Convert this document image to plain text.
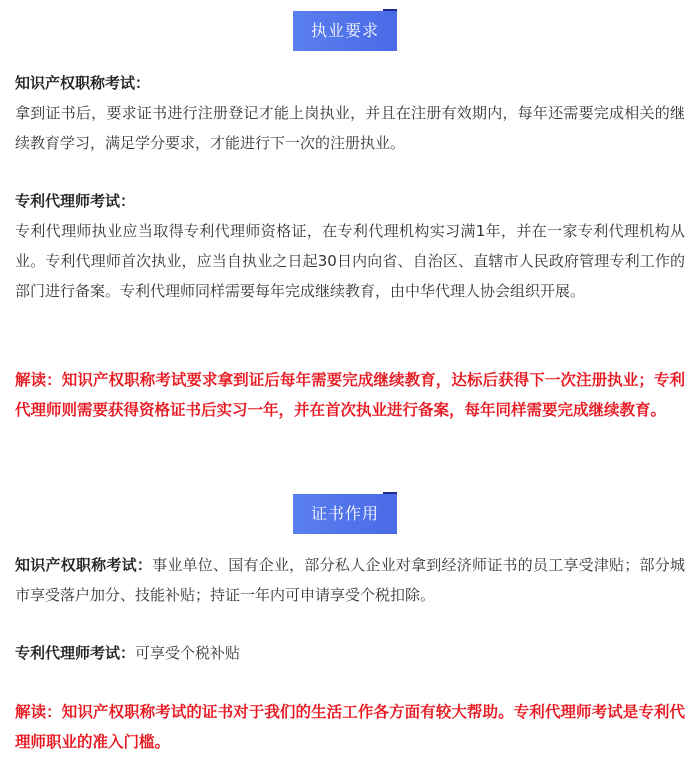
执业要求

知识产权职称考试：

拿到证书后，要求证书进行注册登记才能上岗执业，并且在注册有效期内，每年还需要完成相关的继续教育学习，满足学分要求，才能进行下一次的注册执业。

专利代理师考试：

专利代理师执业应当取得专利代理师资格证，在专利代理机构实习满1年，并在一家专利代理机构从业。专利代理师首次执业，应当自执业之日起30日内向省、自治区、直辖市人民政府管理专利工作的部门进行备案。专利代理师同样需要每年完成继续教育，由中华代理人协会组织开展。

解读：知识产权职称考试要求拿到证后每年需要完成继续教育，达标后获得下一次注册执业；专利代理师则需要获得资格证书后实习一年，并在首次执业进行备案，每年同样需要完成继续教育。

证书作用

知识产权职称考试：事业单位、国有企业，部分私人企业对拿到经济师证书的员工享受津贴；部分城市享受落户加分、技能补贴；持证一年内可申请享受个税扣除。

专利代理师考试：可享受个税补贴

解读：知识产权职称考试的证书对于我们的生活工作各方面有较大帮助。专利代理师考试是专利代理师职业的准入门槛。
